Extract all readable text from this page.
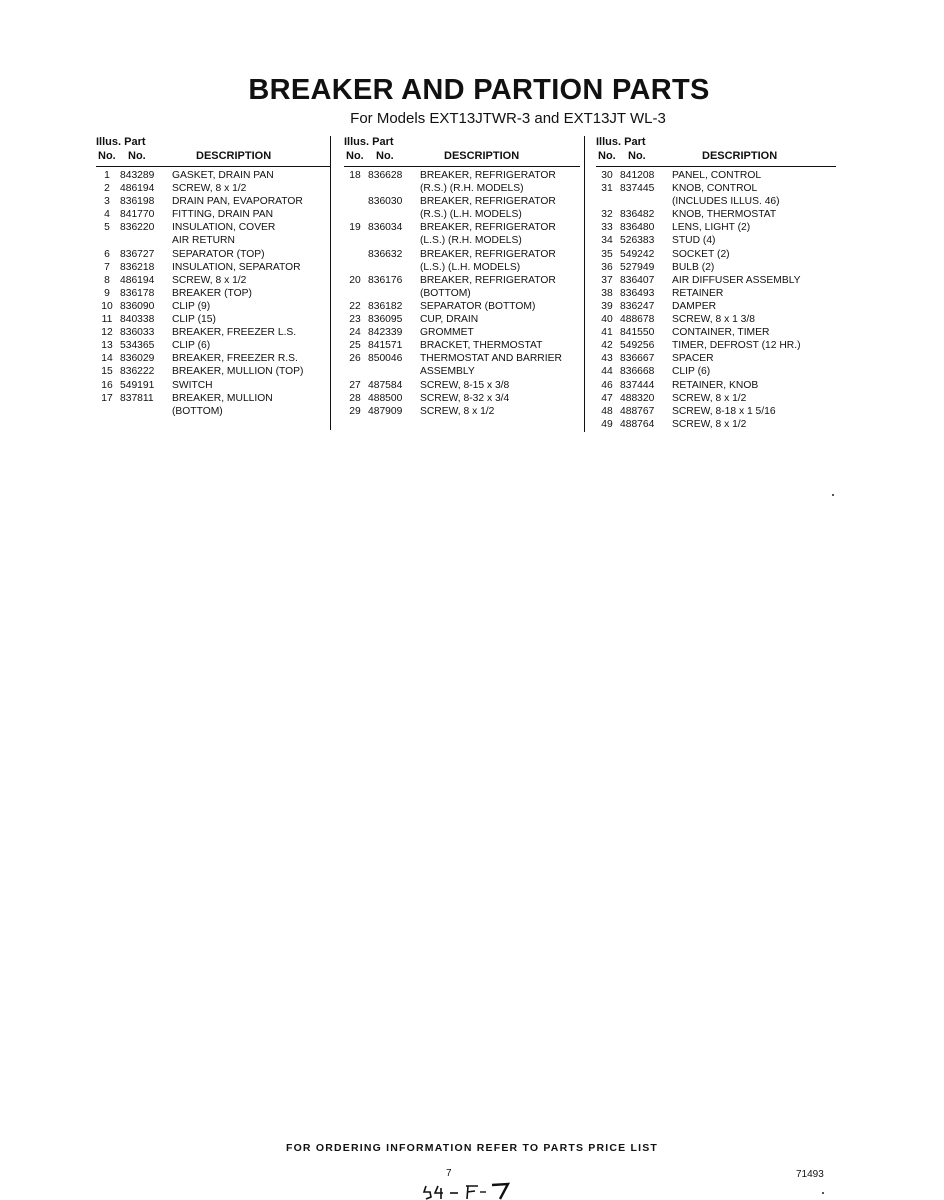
BREAKER AND PARTION PARTS
For Models EXT13JTWR-3 and EXT13JT WL-3
Illus. Part
No. No.	DESCRIPTION
1 843289	GASKET, DRAIN PAN
2 486194	SCREW, 8 x 1/2
3 836198	DRAIN PAN, EVAPORATOR
4 841770	FITTING, DRAIN PAN
5 836220	INSULATION, COVER
AIR RETURN
6 836727	SEPARATOR (TOP)
7 836218	INSULATION, SEPARATOR
8 486194	SCREW, 8 x 1/2
9 836178	BREAKER (TOP)
10 836090	CLIP (9)
11 840338	CLIP (15)
12 836033	BREAKER, FREEZER L.S.
13 534365	CLIP (6)
14 836029	BREAKER, FREEZER R.S.
15 836222	BREAKER, MULLION (TOP)
16 549191	SWITCH
17 837811	BREAKER, MULLION
(BOTTOM)
Illus. Part
No. No.	DESCRIPTION
18 836628	BREAKER, REFRIGERATOR
(R.S.) (R.H. MODELS)
836030	BREAKER, REFRIGERATOR
(R.S.) (L.H. MODELS)
19 836034	BREAKER, REFRIGERATOR
(L.S.) (R.H. MODELS)
836632	BREAKER, REFRIGERATOR
(L.S.) (L.H. MODELS)
20 836176	BREAKER, REFRIGERATOR
(BOTTOM)
22 836182	SEPARATOR (BOTTOM)
23 836095	CUP, DRAIN
24 842339	GROMMET
25 841571	BRACKET, THERMOSTAT
26 850046	THERMOSTAT AND BARRIER
ASSEMBLY
27 487584	SCREW, 8-15 x 3/8
28 488500	SCREW, 8-32 x 3/4
29 487909	SCREW, 8 x 1/2
Illus. Part
No. No.	DESCRIPTION
30 841208	PANEL, CONTROL
31 837445	KNOB, CONTROL
(INCLUDES ILLUS. 46)
32 836482	KNOB, THERMOSTAT
33 836480	LENS, LIGHT (2)
34 526383	STUD (4)
35 549242	SOCKET (2)
36 527949	BULB (2)
37 836407	AIR DIFFUSER ASSEMBLY
38 836493	RETAINER
39 836247	DAMPER
40 488678	SCREW, 8 x 1 3/8
41 841550	CONTAINER, TIMER
42 549256	TIMER, DEFROST (12 HR.)
43 836667	SPACER
44 836668	CLIP (6)
46 837444	RETAINER, KNOB
47 488320	SCREW, 8 x 1/2
48 488767	SCREW, 8-18 x 1 5/16
49 488764	SCREW, 8 x 1/2
FOR ORDERING INFORMATION REFER TO PARTS PRICE LIST
7	71493
